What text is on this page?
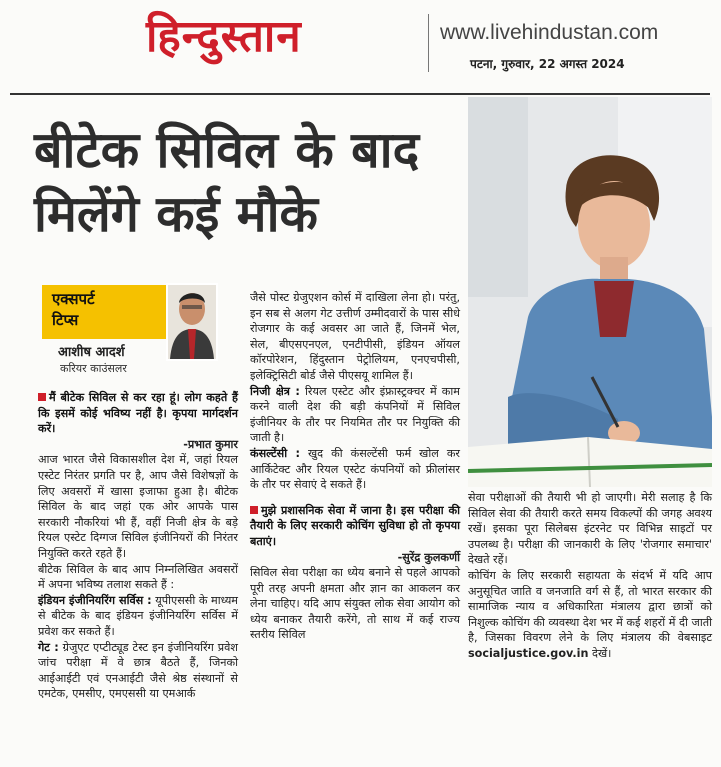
हिन्दुस्तान	www.livehindustan.com
पटना, गुरुवार, 22 अगस्त 2024
बीटेक सिविल के बाद
मिलेंगे कई मौके
एक्सपर्ट
टिप्स
आशीष आदर्श
करियर काउंसलर

मैं बीटेक सिविल से कर रहा हूं। लोग कहते हैं कि इसमें कोई भविष्य नहीं है। कृपया मार्गदर्शन करें।

-प्रभात कुमार

आज भारत जैसे विकासशील देश में, जहां रियल एस्टेट निरंतर प्रगति पर है, आप जैसे विशेषज्ञों के लिए अवसरों में खासा इजाफा हुआ है। बीटेक सिविल के बाद जहां एक ओर आपके पास सरकारी नौकरियां भी हैं, वहीं निजी क्षेत्र के बड़े रियल एस्टेट दिग्गज सिविल इंजीनियरों की निरंतर नियुक्ति करते रहते हैं।

बीटेक सिविल के बाद आप निम्नलिखित अवसरों में अपना भविष्य तलाश सकते हैं :

इंडियन इंजीनियरिंग सर्विस : यूपीएससी के माध्यम से बीटेक के बाद इंडियन इंजीनियरिंग सर्विस में प्रवेश कर सकते हैं।

गेट : ग्रेजुएट एप्टीट्यूड टेस्ट इन इंजीनियरिंग प्रवेश जांच परीक्षा में वे छात्र बैठते हैं, जिनको आईआईटी एवं एनआईटी जैसे श्रेष्ठ संस्थानों से एमटेक, एमसीए, एमएससी या एमआर्क

जैसे पोस्ट ग्रेजुएशन कोर्स में दाखिला लेना हो। परंतु, इन सब से अलग गेट उत्तीर्ण उम्मीदवारों के पास सीधे रोजगार के कई अवसर आ जाते हैं, जिनमें भेल, सेल, बीएसएनएल, एनटीपीसी, इंडियन ऑयल कॉरपोरेशन, हिंदुस्तान पेट्रोलियम, एनएचपीसी, इलेक्ट्रिसिटी बोर्ड जैसे पीएसयू शामिल हैं।

निजी क्षेत्र : रियल एस्टेट और इंफ्रास्ट्रक्चर में काम करने वाली देश की बड़ी कंपनियों में सिविल इंजीनियर के तौर पर नियमित तौर पर नियुक्ति की जाती है।

कंसल्टेंसी : खुद की कंसल्टेंसी फर्म खोल कर आर्किटेक्ट और रियल एस्टेट कंपनियों को फ्रीलांसर के तौर पर सेवाएं दे सकते हैं।

मुझे प्रशासनिक सेवा में जाना है। इस परीक्षा की तैयारी के लिए सरकारी कोचिंग सुविधा हो तो कृपया बताएं।

-सुरेंद्र कुलकर्णी

सिविल सेवा परीक्षा का ध्येय बनाने से पहले आपको पूरी तरह अपनी क्षमता और ज्ञान का आकलन कर लेना चाहिए। यदि आप संयुक्त लोक सेवा आयोग को ध्येय बनाकर तैयारी करेंगे, तो साथ में कई राज्य स्तरीय सिविल

सेवा परीक्षाओं की तैयारी भी हो जाएगी। मेरी सलाह है कि सिविल सेवा की तैयारी करते समय विकल्पों की जगह अवश्य रखें। इसका पूरा सिलेबस इंटरनेट पर विभिन्न साइटों पर उपलब्ध है। परीक्षा की जानकारी के लिए 'रोजगार समाचार' देखते रहें।

कोचिंग के लिए सरकारी सहायता के संदर्भ में यदि आप अनुसूचित जाति व जनजाति वर्ग से हैं, तो भारत सरकार की सामाजिक न्याय व अधिकारिता मंत्रालय द्वारा छात्रों को निशुल्क कोचिंग की व्यवस्था देश भर में कई शहरों में दी जाती है, जिसका विवरण लेने के लिए मंत्रालय की वेबसाइट socialjustice.gov.in देखें।
